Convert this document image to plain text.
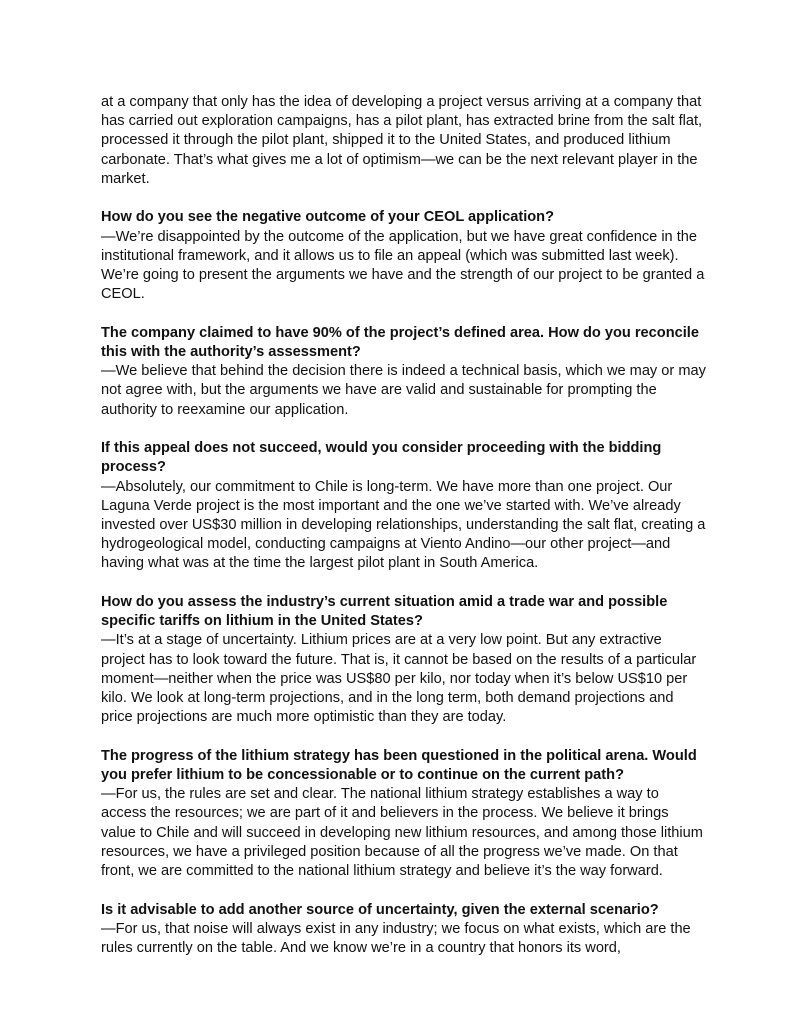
at a company that only has the idea of developing a project versus arriving at a company that has carried out exploration campaigns, has a pilot plant, has extracted brine from the salt flat, processed it through the pilot plant, shipped it to the United States, and produced lithium carbonate. That’s what gives me a lot of optimism—we can be the next relevant player in the market.

How do you see the negative outcome of your CEOL application?
—We’re disappointed by the outcome of the application, but we have great confidence in the institutional framework, and it allows us to file an appeal (which was submitted last week). We’re going to present the arguments we have and the strength of our project to be granted a CEOL.
The company claimed to have 90% of the project’s defined area. How do you reconcile this with the authority’s assessment?
—We believe that behind the decision there is indeed a technical basis, which we may or may not agree with, but the arguments we have are valid and sustainable for prompting the authority to reexamine our application.
If this appeal does not succeed, would you consider proceeding with the bidding process?
—Absolutely, our commitment to Chile is long-term. We have more than one project. Our Laguna Verde project is the most important and the one we’ve started with. We’ve already invested over US$30 million in developing relationships, understanding the salt flat, creating a hydrogeological model, conducting campaigns at Viento Andino—our other project—and having what was at the time the largest pilot plant in South America.
How do you assess the industry’s current situation amid a trade war and possible specific tariffs on lithium in the United States?
—It’s at a stage of uncertainty. Lithium prices are at a very low point. But any extractive project has to look toward the future. That is, it cannot be based on the results of a particular moment—neither when the price was US$80 per kilo, nor today when it’s below US$10 per kilo. We look at long-term projections, and in the long term, both demand projections and price projections are much more optimistic than they are today.
The progress of the lithium strategy has been questioned in the political arena. Would you prefer lithium to be concessionable or to continue on the current path?
—For us, the rules are set and clear. The national lithium strategy establishes a way to access the resources; we are part of it and believers in the process. We believe it brings value to Chile and will succeed in developing new lithium resources, and among those lithium resources, we have a privileged position because of all the progress we’ve made. On that front, we are committed to the national lithium strategy and believe it’s the way forward.
Is it advisable to add another source of uncertainty, given the external scenario?
—For us, that noise will always exist in any industry; we focus on what exists, which are the rules currently on the table. And we know we’re in a country that honors its word,
